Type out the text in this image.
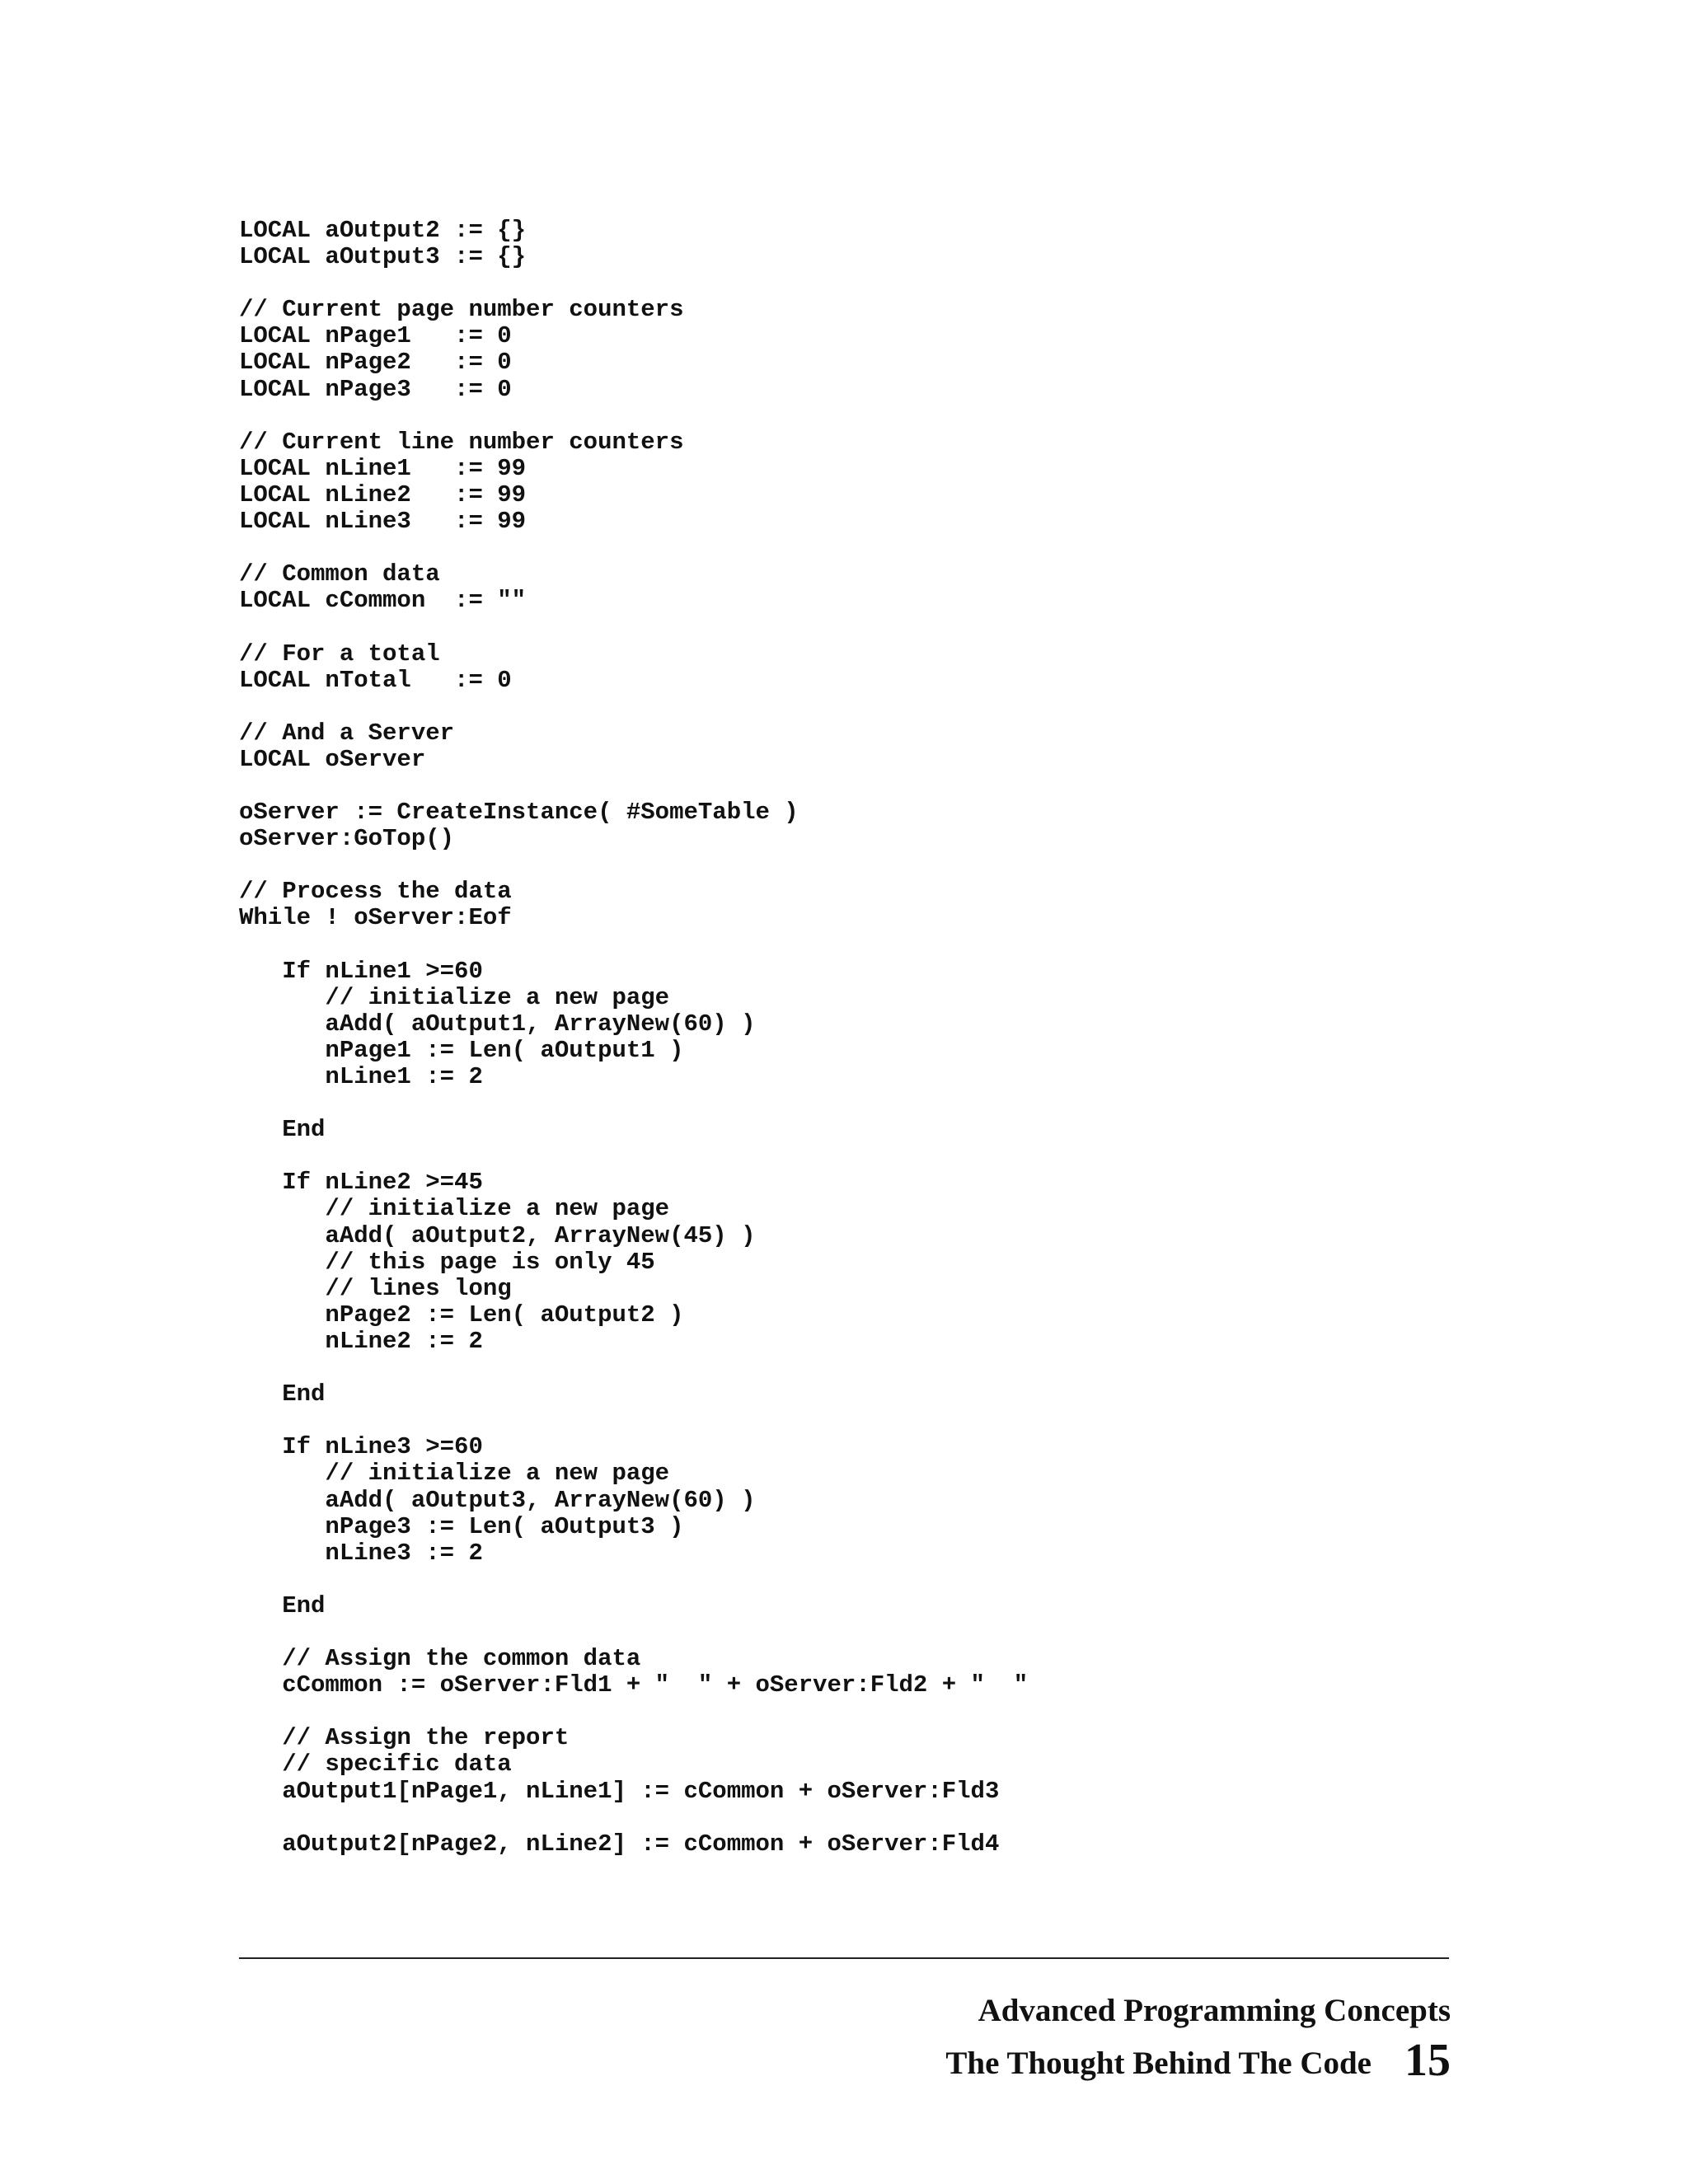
LOCAL aOutput2 := {}
LOCAL aOutput3 := {}
// Current page number counters
LOCAL nPage1   := 0
LOCAL nPage2   := 0
LOCAL nPage3   := 0
// Current line number counters
LOCAL nLine1   := 99
LOCAL nLine2   := 99
LOCAL nLine3   := 99
// Common data
LOCAL cCommon  := ""
// For a total
LOCAL nTotal   := 0
// And a Server
LOCAL oServer
oServer := CreateInstance( #SomeTable )
oServer:GoTop()
// Process the data
While ! oServer:Eof
If nLine1 >=60
// initialize a new page
aAdd( aOutput1, ArrayNew(60) )
nPage1 := Len( aOutput1 )
nLine1 := 2
End
If nLine2 >=45
// initialize a new page
aAdd( aOutput2, ArrayNew(45) )
// this page is only 45
// lines long
nPage2 := Len( aOutput2 )
nLine2 := 2
End
If nLine3 >=60
// initialize a new page
aAdd( aOutput3, ArrayNew(60) )
nPage3 := Len( aOutput3 )
nLine3 := 2
End
// Assign the common data
cCommon := oServer:Fld1 + "  " + oServer:Fld2 + "  "
// Assign the report
// specific data
aOutput1[nPage1, nLine1] := cCommon + oServer:Fld3
aOutput2[nPage2, nLine2] := cCommon + oServer:Fld4
Advanced Programming Concepts
The Thought Behind The Code 15
